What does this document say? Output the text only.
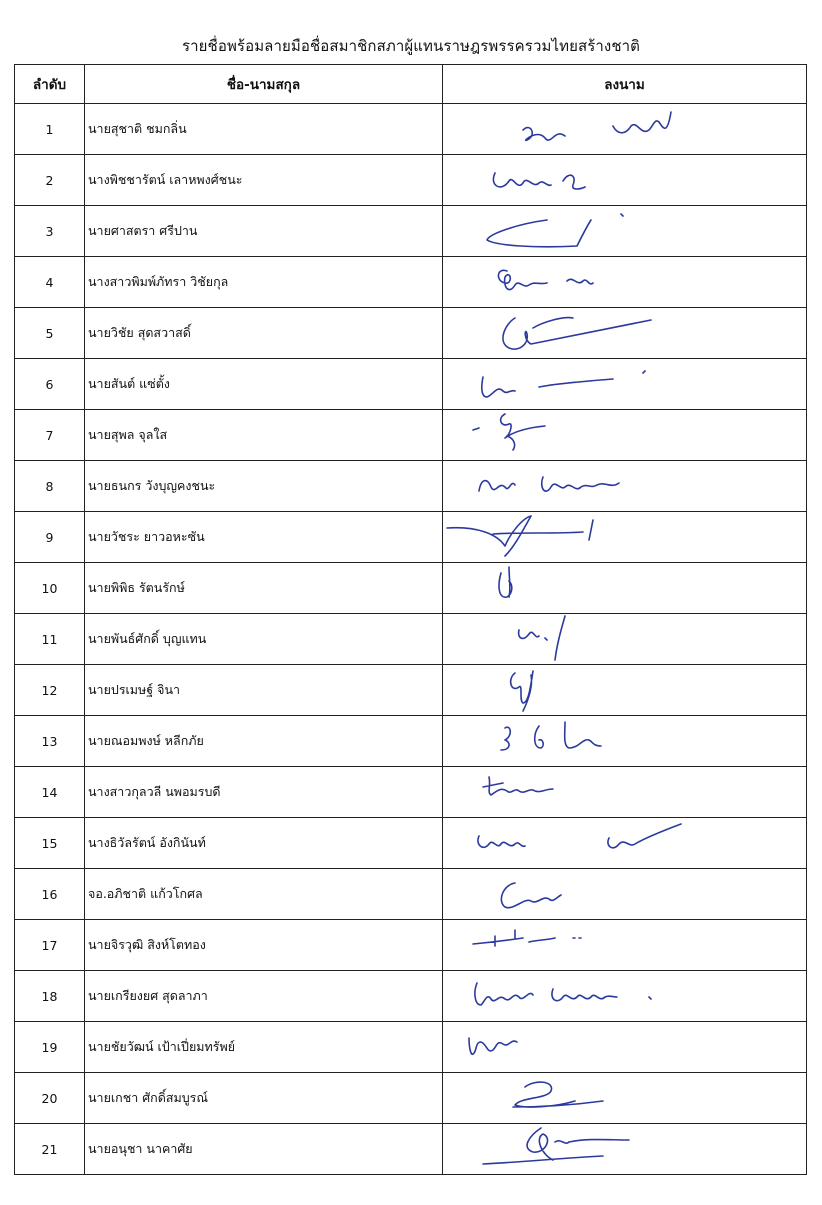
รายชื่อพร้อมลายมือชื่อสมาชิกสภาผู้แทนราษฎรพรรครวมไทยสร้างชาติ
ลำดับ	ชื่อ-นามสกุล	ลงนาม
1	นายสุชาติ ชมกลิ่น	

2	นางพิชชารัตน์ เลาหพงศ์ชนะ	

3	นายศาสตรา ศรีปาน	

4	นางสาวพิมพ์ภัทรา วิชัยกุล	

5	นายวิชัย สุดสวาสดิ์	

6	นายสันต์ แซ่ตั้ง	

7	นายสุพล จุลใส	

8	นายธนกร วังบุญคงชนะ	

9	นายวัชระ ยาวอหะซัน	

10	นายพิพิธ รัตนรักษ์	

11	นายพันธ์ศักดิ์ บุญแทน	

12	นายปรเมษฐ์ จินา	

13	นายณอมพงษ์ หลีกภัย	

14	นางสาวกุลวลี นพอมรบดี	

15	นางธิวัลรัตน์ อังกินันท์	

16	จอ.อภิชาติ แก้วโกศล	

17	นายจิรวุฒิ สิงห์โตทอง	

18	นายเกรียงยศ สุดลาภา	

19	นายชัยวัฒน์ เป้าเปี่ยมทรัพย์	

20	นายเกชา ศักดิ์สมบูรณ์	

21	นายอนุชา นาคาศัย	
